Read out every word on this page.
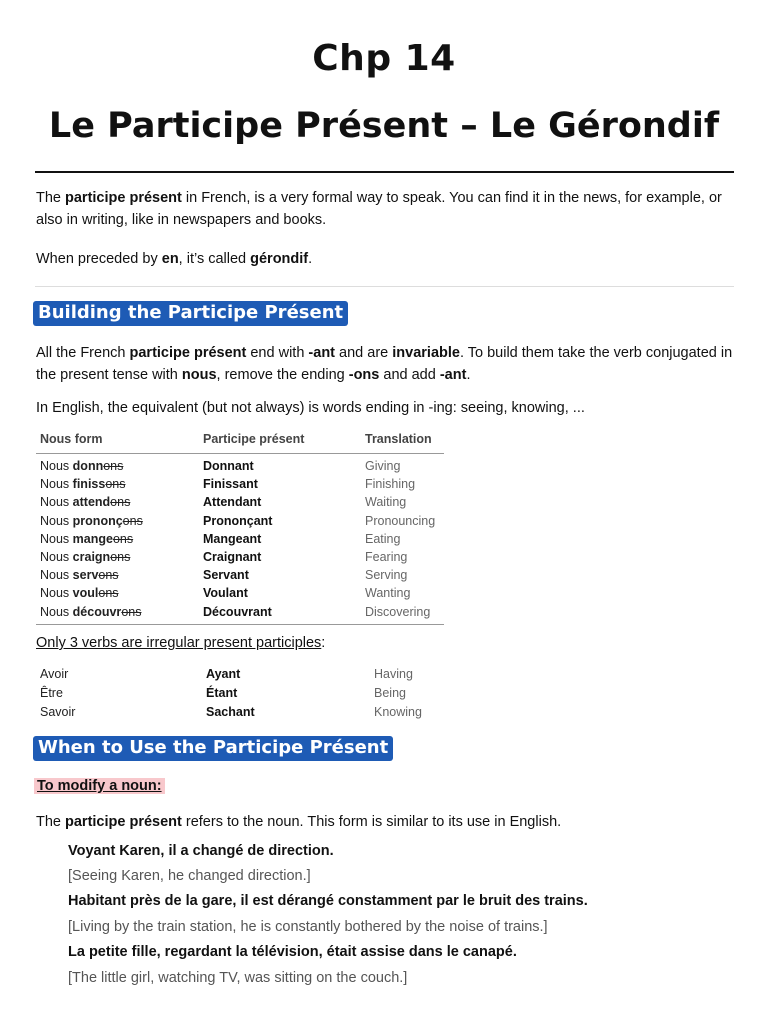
Chp 14
Le Participe Présent – Le Gérondif
The participe présent in French, is a very formal way to speak. You can find it in the news, for example, or also in writing, like in newspapers and books.
When preceded by en, it’s called gérondif.
Building the Participe Présent
All the French participe présent end with -ant and are invariable. To build them take the verb conjugated in the present tense with nous, remove the ending -ons and add -ant.
In English, the equivalent (but not always) is words ending in -ing: seeing, knowing, ...
Nous form	Participe présent	Translation
Nous donnons	Donnant	Giving
Nous finissons	Finissant	Finishing
Nous attendons	Attendant	Waiting
Nous prononçons	Prononçant	Pronouncing
Nous mangeons	Mangeant	Eating
Nous craignons	Craignant	Fearing
Nous servons	Servant	Serving
Nous voulons	Voulant	Wanting
Nous découvrons	Découvrant	Discovering
Only 3 verbs are irregular present participles:
Avoir	Ayant	Having
Être	Étant	Being
Savoir	Sachant	Knowing
When to Use the Participe Présent
To modify a noun:
The participe présent refers to the noun. This form is similar to its use in English.
Voyant Karen, il a changé de direction.
[Seeing Karen, he changed direction.]
Habitant près de la gare, il est dérangé constamment par le bruit des trains.
[Living by the train station, he is constantly bothered by the noise of trains.]
La petite fille, regardant la télévision, était assise dans le canapé.
[The little girl, watching TV, was sitting on the couch.]
